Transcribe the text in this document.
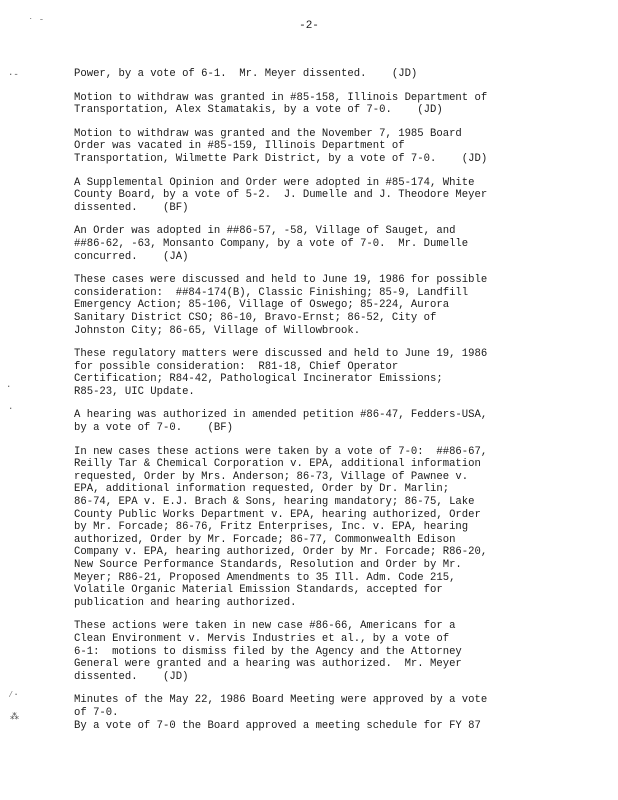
-2-
˙ ˉ
·-
·
·
⁄·
⁂
Power, by a vote of 6-1.  Mr. Meyer dissented.    (JD)
Motion to withdraw was granted in #85-158, Illinois Department of
Transportation, Alex Stamatakis, by a vote of 7-0.    (JD)
Motion to withdraw was granted and the November 7, 1985 Board
Order was vacated in #85-159, Illinois Department of
Transportation, Wilmette Park District, by a vote of 7-0.    (JD)
A Supplemental Opinion and Order were adopted in #85-174, White
County Board, by a vote of 5-2.  J. Dumelle and J. Theodore Meyer
dissented.    (BF)
An Order was adopted in ##86-57, -58, Village of Sauget, and
##86-62, -63, Monsanto Company, by a vote of 7-0.  Mr. Dumelle
concurred.    (JA)
These cases were discussed and held to June 19, 1986 for possible
consideration:  ##84-174(B), Classic Finishing; 85-9, Landfill
Emergency Action; 85-106, Village of Oswego; 85-224, Aurora
Sanitary District CSO; 86-10, Bravo-Ernst; 86-52, City of
Johnston City; 86-65, Village of Willowbrook.
These regulatory matters were discussed and held to June 19, 1986
for possible consideration:  R81-18, Chief Operator
Certification; R84-42, Pathological Incinerator Emissions;
R85-23, UIC Update.
A hearing was authorized in amended petition #86-47, Fedders-USA,
by a vote of 7-0.    (BF)
In new cases these actions were taken by a vote of 7-0:  ##86-67,
Reilly Tar & Chemical Corporation v. EPA, additional information
requested, Order by Mrs. Anderson; 86-73, Village of Pawnee v.
EPA, additional information requested, Order by Dr. Marlin;
86-74, EPA v. E.J. Brach & Sons, hearing mandatory; 86-75, Lake
County Public Works Department v. EPA, hearing authorized, Order
by Mr. Forcade; 86-76, Fritz Enterprises, Inc. v. EPA, hearing
authorized, Order by Mr. Forcade; 86-77, Commonwealth Edison
Company v. EPA, hearing authorized, Order by Mr. Forcade; R86-20,
New Source Performance Standards, Resolution and Order by Mr.
Meyer; R86-21, Proposed Amendments to 35 Ill. Adm. Code 215,
Volatile Organic Material Emission Standards, accepted for
publication and hearing authorized.
These actions were taken in new case #86-66, Americans for a
Clean Environment v. Mervis Industries et al., by a vote of
6-1:  motions to dismiss filed by the Agency and the Attorney
General were granted and a hearing was authorized.  Mr. Meyer
dissented.    (JD)
Minutes of the May 22, 1986 Board Meeting were approved by a vote
of 7-0.
By a vote of 7-0 the Board approved a meeting schedule for FY 87
